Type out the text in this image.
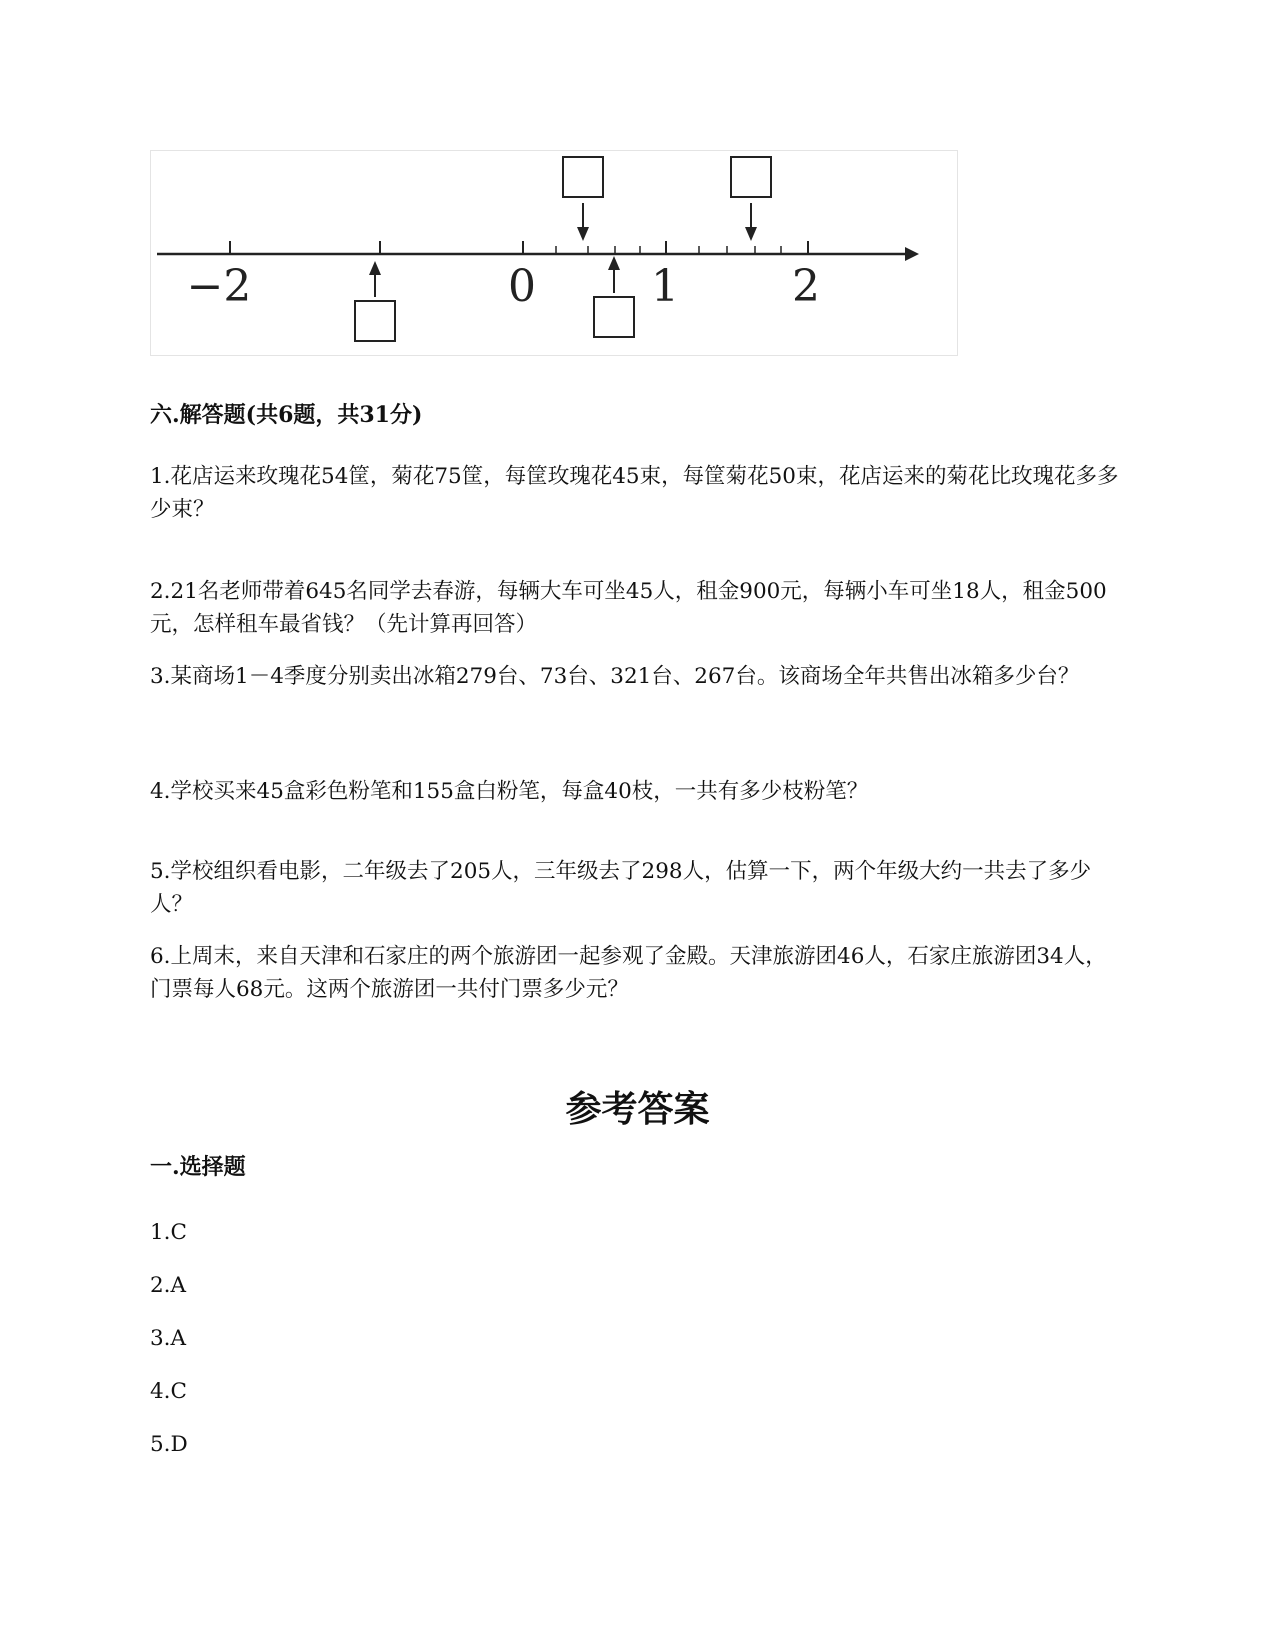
−2	0	1	2
六.解答题(共6题，共31分)

1.花店运来玫瑰花54筐，菊花75筐，每筐玫瑰花45束，每筐菊花50束，花店运来的菊花比玫瑰花多多少束？

2.21名老师带着645名同学去春游，每辆大车可坐45人，租金900元，每辆小车可坐18人，租金500元，怎样租车最省钱？（先计算再回答）

3.某商场1－4季度分别卖出冰箱279台、73台、321台、267台。该商场全年共售出冰箱多少台？

4.学校买来45盒彩色粉笔和155盒白粉笔，每盒40枝，一共有多少枝粉笔？

5.学校组织看电影，二年级去了205人，三年级去了298人，估算一下，两个年级大约一共去了多少人？

6.上周末，来自天津和石家庄的两个旅游团一起参观了金殿。天津旅游团46人，石家庄旅游团34人，门票每人68元。这两个旅游团一共付门票多少元？

参考答案
一.选择题

1.C

2.A

3.A

4.C

5.D
